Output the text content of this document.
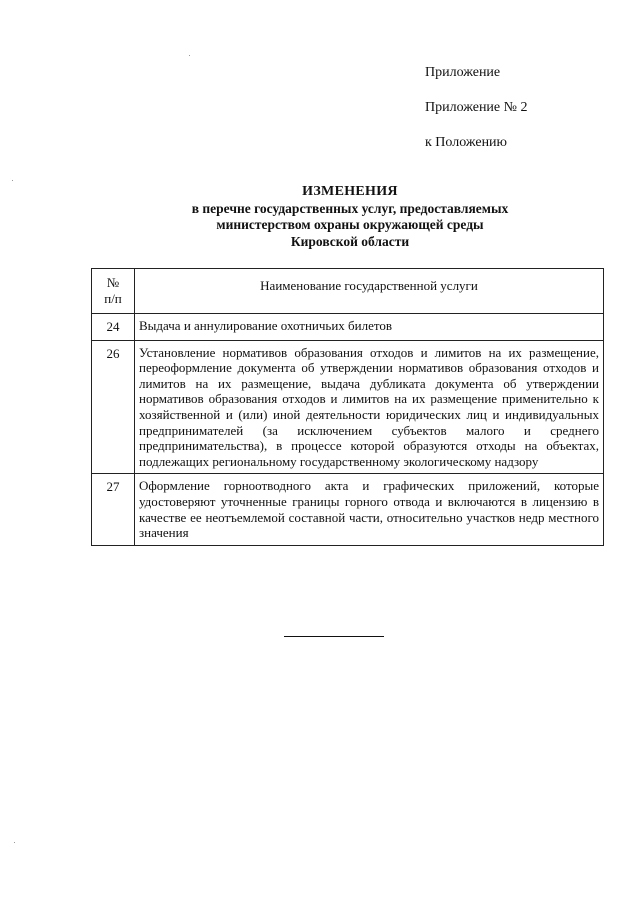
Приложение
Приложение № 2
к Положению
ИЗМЕНЕНИЯ
в перечне государственных услуг, предоставляемых
министерством охраны окружающей среды
Кировской области
№
п/п	Наименование государственной услуги
24	Выдача и аннулирование охотничьих билетов
26	Установление нормативов образования отходов и лимитов на их размещение, переоформление документа об утверждении нормативов образования отходов и лимитов на их размещение, выдача дубликата документа об утверждении нормативов образования отходов и лимитов на их размещение применительно к хозяйственной и (или) иной деятельности юридических лиц и индивидуальных предпринимателей (за исключением субъектов малого и среднего предпринимательства), в процессе которой образуются отходы на объектах, подлежащих региональному государственному экологическому надзору
27	Оформление горноотводного акта и графических приложений, которые удостоверяют уточненные границы горного отвода и включаются в лицензию в качестве ее неотъемлемой составной части, относительно участков недр местного значения
